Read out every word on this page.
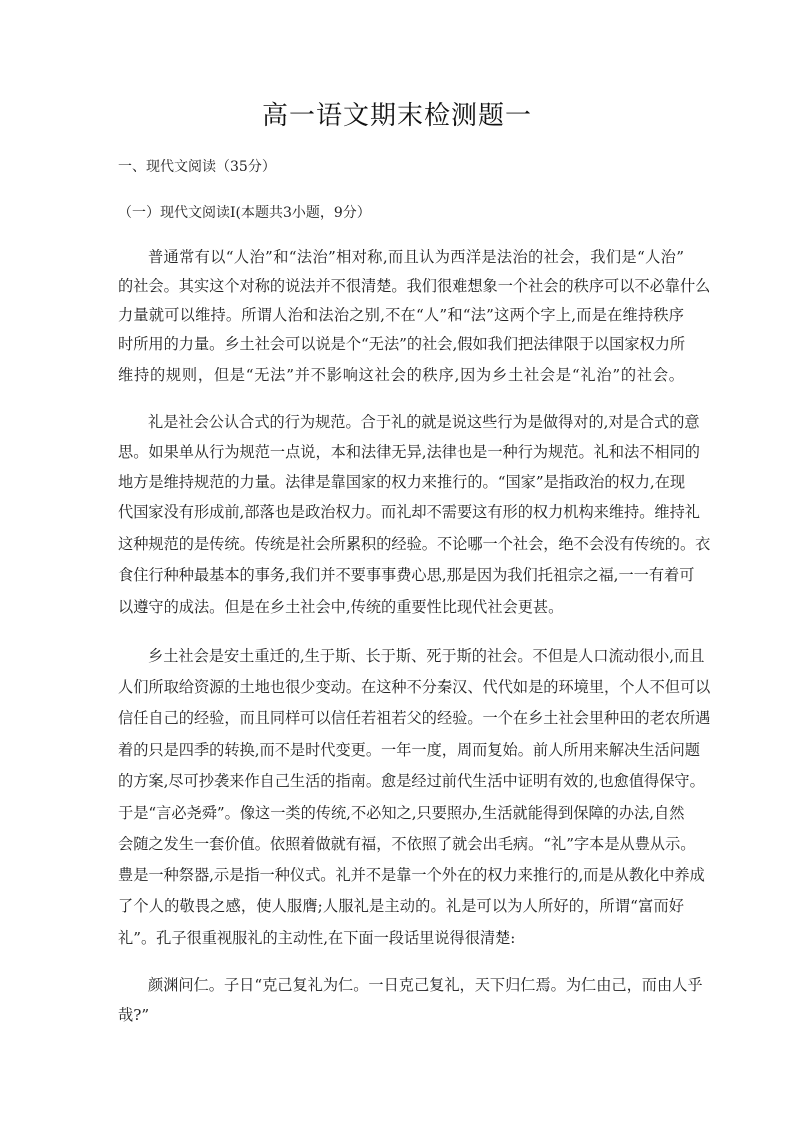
高一语文期末检测题一
一、现代文阅读（35分）
（一）现代文阅读Ⅰ(本题共3小题，9分）
普通常有以“人治”和“法治”相对称,而且认为西洋是法治的社会，我们是“人治”
的社会。其实这个对称的说法并不很清楚。我们很难想象一个社会的秩序可以不必靠什么
力量就可以维持。所谓人治和法治之别,不在“人”和“法”这两个字上,而是在维持秩序
时所用的力量。乡土社会可以说是个“无法”的社会,假如我们把法律限于以国家权力所
维持的规则，但是“无法”并不影响这社会的秩序,因为乡土社会是“礼治”的社会。
礼是社会公认合式的行为规范。合于礼的就是说这些行为是做得对的,对是合式的意
思。如果单从行为规范一点说，本和法律无异,法律也是一种行为规范。礼和法不相同的
地方是维持规范的力量。法律是靠国家的权力来推行的。“国家”是指政治的权力,在现
代国家没有形成前,部落也是政治权力。而礼却不需要这有形的权力机构来维持。维持礼
这种规范的是传统。传统是社会所累积的经验。不论哪一个社会，绝不会没有传统的。衣
食住行种种最基本的事务,我们并不要事事费心思,那是因为我们托祖宗之福,一一有着可
以遵守的成法。但是在乡土社会中,传统的重要性比现代社会更甚。
乡土社会是安土重迁的,生于斯、长于斯、死于斯的社会。不但是人口流动很小,而且
人们所取给资源的土地也很少变动。在这种不分秦汉、代代如是的环境里，个人不但可以
信任自己的经验，而且同样可以信任若祖若父的经验。一个在乡土社会里种田的老农所遇
着的只是四季的转换,而不是时代变更。一年一度，周而复始。前人所用来解决生活问题
的方案,尽可抄袭来作自己生活的指南。愈是经过前代生活中证明有效的,也愈值得保守。
于是“言必尧舜”。像这一类的传统,不必知之,只要照办,生活就能得到保障的办法,自然
会随之发生一套价值。依照着做就有福，不依照了就会出毛病。“礼”字本是从豊从示。
豊是一种祭器,示是指一种仪式。礼并不是靠一个外在的权力来推行的,而是从教化中养成
了个人的敬畏之感，使人服膺;人服礼是主动的。礼是可以为人所好的，所谓“富而好
礼”。孔子很重视服礼的主动性,在下面一段话里说得很清楚:
颜渊问仁。子日“克己复礼为仁。一日克己复礼，天下归仁焉。为仁由己，而由人乎
哉?”
